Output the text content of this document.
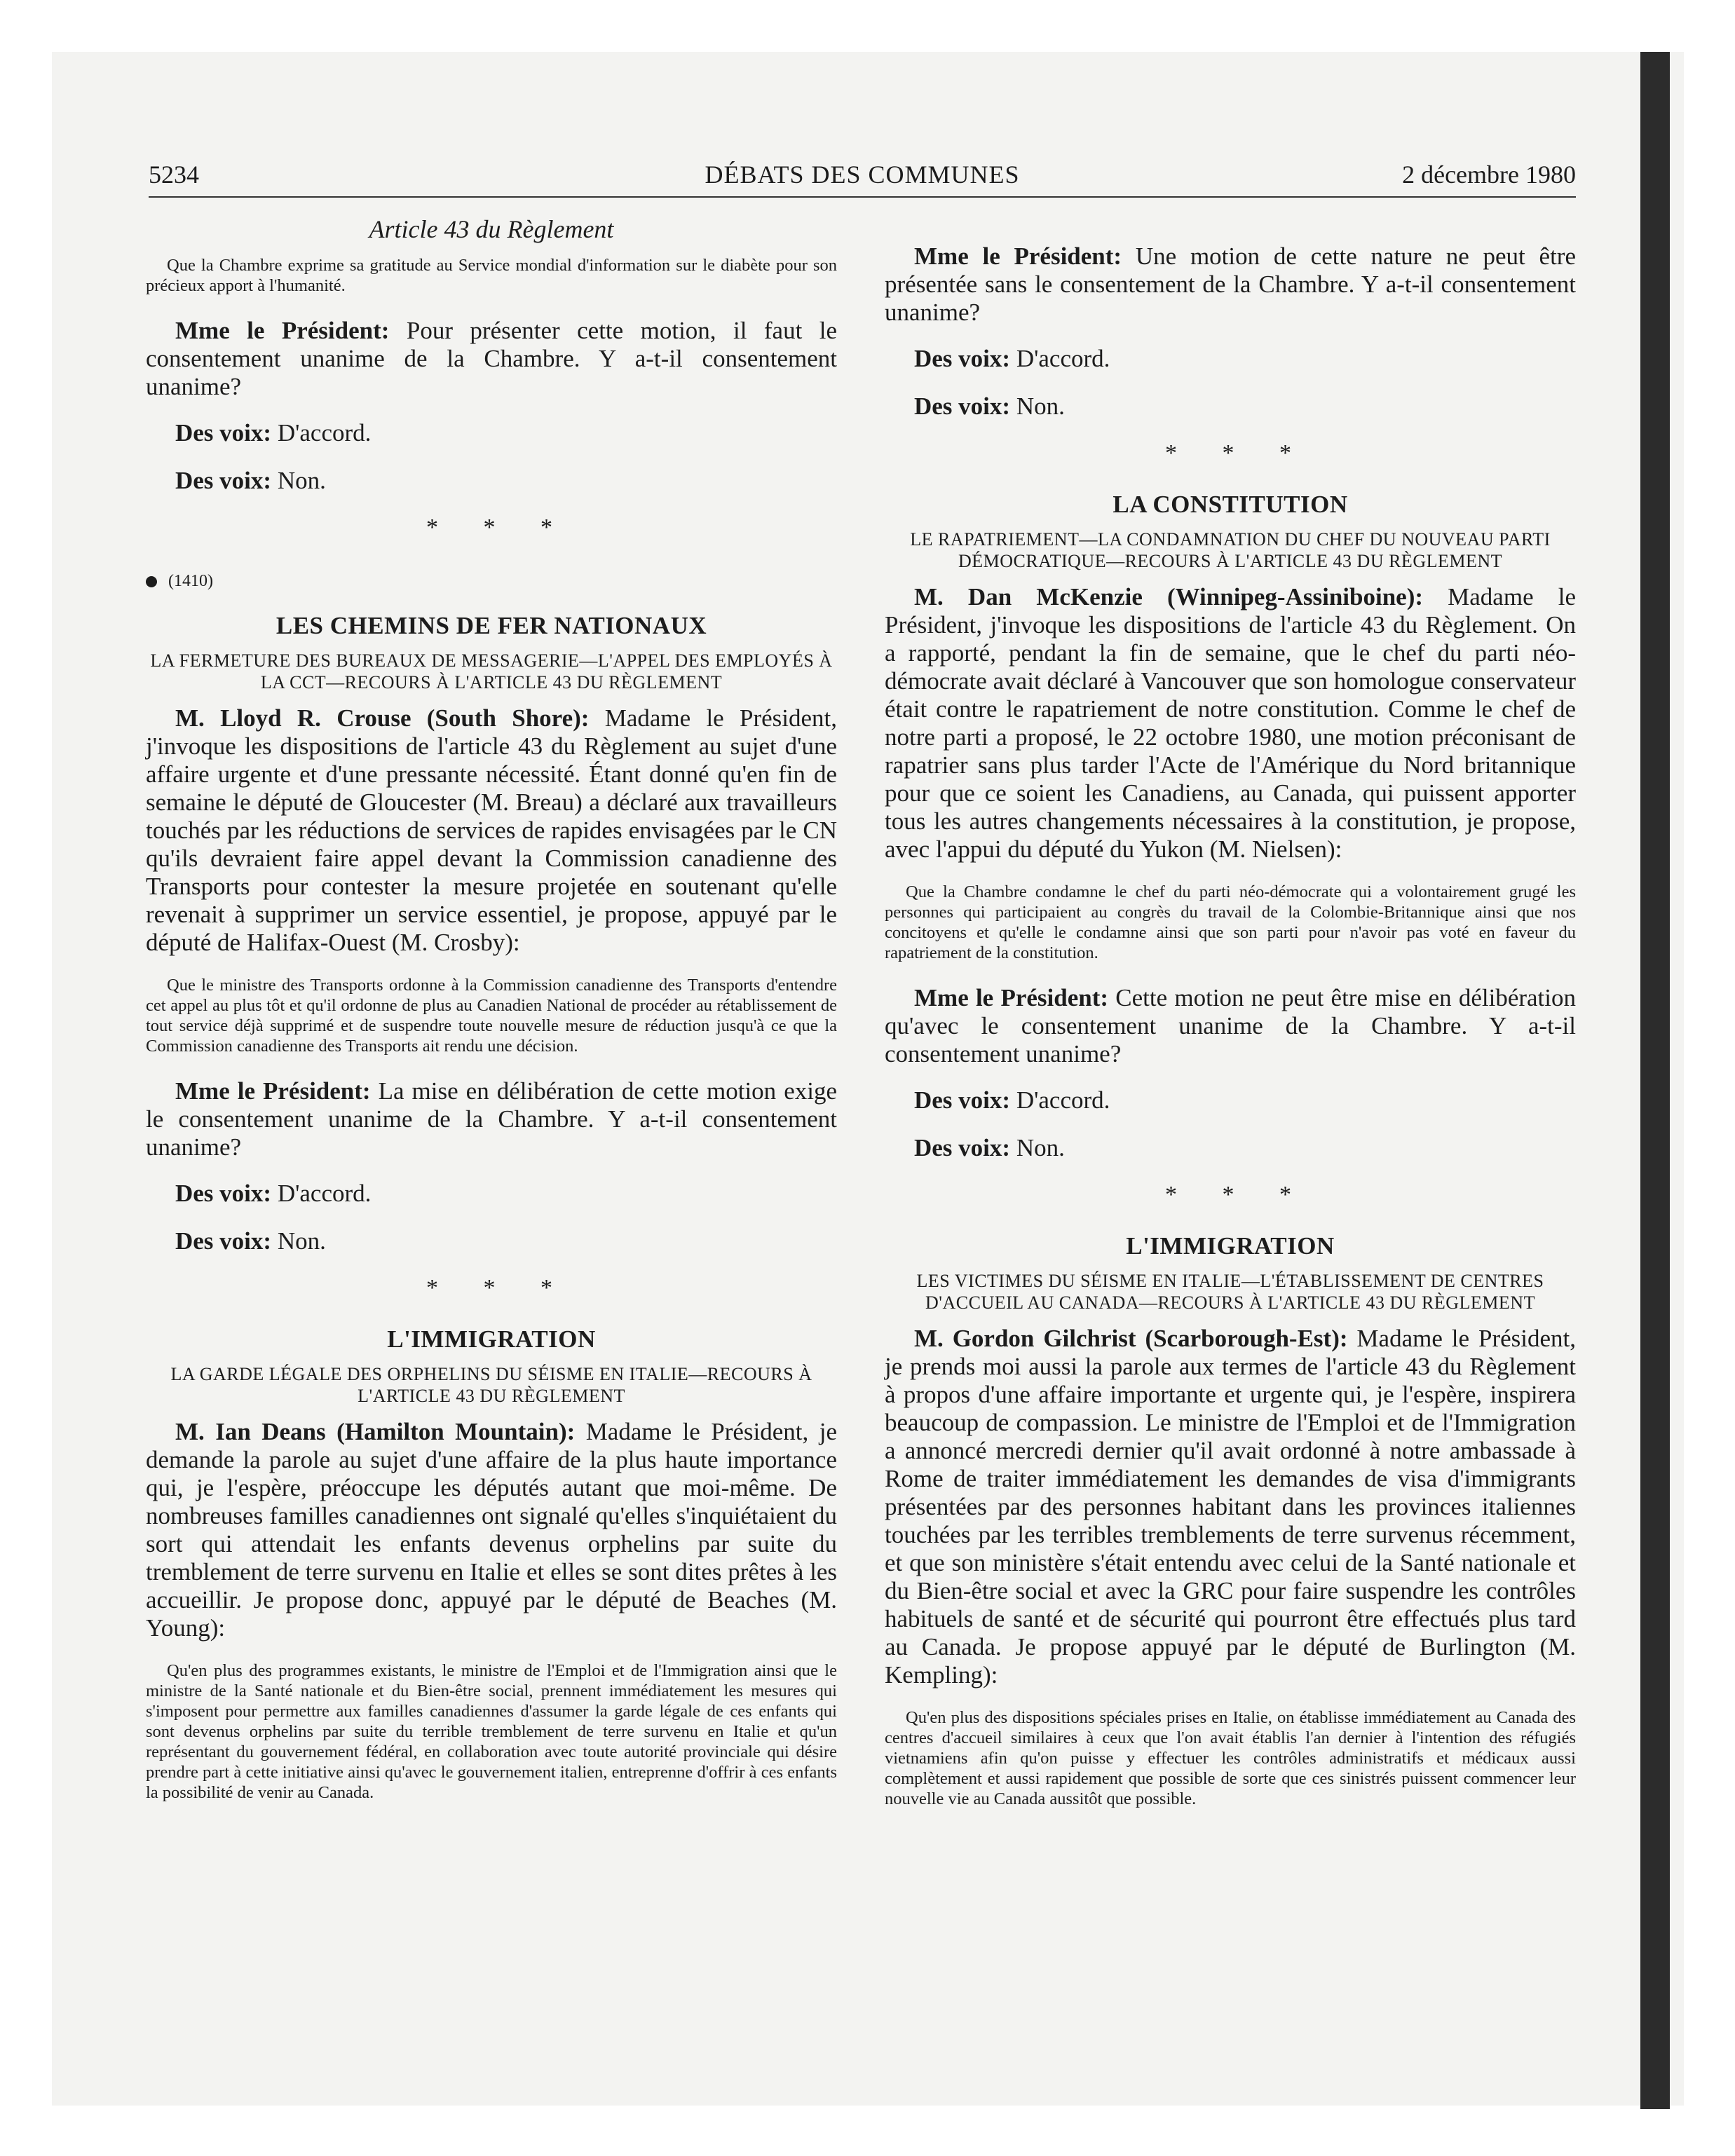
5234	DÉBATS DES COMMUNES	2 décembre 1980

Article 43 du Règlement

Que la Chambre exprime sa gratitude au Service mondial d'information sur le diabète pour son précieux apport à l'humanité.

Mme le Président: Pour présenter cette motion, il faut le consentement unanime de la Chambre. Y a-t-il consentement unanime?

Des voix: D'accord.

Des voix: Non.

* * *

(1410)

LES CHEMINS DE FER NATIONAUX

LA FERMETURE DES BUREAUX DE MESSAGERIE—L'APPEL DES EMPLOYÉS À LA CCT—RECOURS À L'ARTICLE 43 DU RÈGLEMENT

M. Lloyd R. Crouse (South Shore): Madame le Président, j'invoque les dispositions de l'article 43 du Règlement au sujet d'une affaire urgente et d'une pressante nécessité. Étant donné qu'en fin de semaine le député de Gloucester (M. Breau) a déclaré aux travailleurs touchés par les réductions de services de rapides envisagées par le CN qu'ils devraient faire appel devant la Commission canadienne des Transports pour contester la mesure projetée en soutenant qu'elle revenait à supprimer un service essentiel, je propose, appuyé par le député de Halifax-Ouest (M. Crosby):

Que le ministre des Transports ordonne à la Commission canadienne des Transports d'entendre cet appel au plus tôt et qu'il ordonne de plus au Canadien National de procéder au rétablissement de tout service déjà supprimé et de suspendre toute nouvelle mesure de réduction jusqu'à ce que la Commission canadienne des Transports ait rendu une décision.

Mme le Président: La mise en délibération de cette motion exige le consentement unanime de la Chambre. Y a-t-il consentement unanime?

Des voix: D'accord.

Des voix: Non.

* * *

L'IMMIGRATION

LA GARDE LÉGALE DES ORPHELINS DU SÉISME EN ITALIE—RECOURS À L'ARTICLE 43 DU RÈGLEMENT

M. Ian Deans (Hamilton Mountain): Madame le Président, je demande la parole au sujet d'une affaire de la plus haute importance qui, je l'espère, préoccupe les députés autant que moi-même. De nombreuses familles canadiennes ont signalé qu'elles s'inquiétaient du sort qui attendait les enfants devenus orphelins par suite du tremblement de terre survenu en Italie et elles se sont dites prêtes à les accueillir. Je propose donc, appuyé par le député de Beaches (M. Young):

Qu'en plus des programmes existants, le ministre de l'Emploi et de l'Immigration ainsi que le ministre de la Santé nationale et du Bien-être social, prennent immédiatement les mesures qui s'imposent pour permettre aux familles canadiennes d'assumer la garde légale de ces enfants qui sont devenus orphelins par suite du terrible tremblement de terre survenu en Italie et qu'un représentant du gouvernement fédéral, en collaboration avec toute autorité provinciale qui désire prendre part à cette initiative ainsi qu'avec le gouvernement italien, entreprenne d'offrir à ces enfants la possibilité de venir au Canada.

Mme le Président: Une motion de cette nature ne peut être présentée sans le consentement de la Chambre. Y a-t-il consentement unanime?

Des voix: D'accord.

Des voix: Non.

* * *

LA CONSTITUTION

LE RAPATRIEMENT—LA CONDAMNATION DU CHEF DU NOUVEAU PARTI DÉMOCRATIQUE—RECOURS À L'ARTICLE 43 DU RÈGLEMENT

M. Dan McKenzie (Winnipeg-Assiniboine): Madame le Président, j'invoque les dispositions de l'article 43 du Règlement. On a rapporté, pendant la fin de semaine, que le chef du parti néo-démocrate avait déclaré à Vancouver que son homologue conservateur était contre le rapatriement de notre constitution. Comme le chef de notre parti a proposé, le 22 octobre 1980, une motion préconisant de rapatrier sans plus tarder l'Acte de l'Amérique du Nord britannique pour que ce soient les Canadiens, au Canada, qui puissent apporter tous les autres changements nécessaires à la constitution, je propose, avec l'appui du député du Yukon (M. Nielsen):

Que la Chambre condamne le chef du parti néo-démocrate qui a volontairement grugé les personnes qui participaient au congrès du travail de la Colombie-Britannique ainsi que nos concitoyens et qu'elle le condamne ainsi que son parti pour n'avoir pas voté en faveur du rapatriement de la constitution.

Mme le Président: Cette motion ne peut être mise en délibération qu'avec le consentement unanime de la Chambre. Y a-t-il consentement unanime?

Des voix: D'accord.

Des voix: Non.

* * *

L'IMMIGRATION

LES VICTIMES DU SÉISME EN ITALIE—L'ÉTABLISSEMENT DE CENTRES D'ACCUEIL AU CANADA—RECOURS À L'ARTICLE 43 DU RÈGLEMENT

M. Gordon Gilchrist (Scarborough-Est): Madame le Président, je prends moi aussi la parole aux termes de l'article 43 du Règlement à propos d'une affaire importante et urgente qui, je l'espère, inspirera beaucoup de compassion. Le ministre de l'Emploi et de l'Immigration a annoncé mercredi dernier qu'il avait ordonné à notre ambassade à Rome de traiter immédiatement les demandes de visa d'immigrants présentées par des personnes habitant dans les provinces italiennes touchées par les terribles tremblements de terre survenus récemment, et que son ministère s'était entendu avec celui de la Santé nationale et du Bien-être social et avec la GRC pour faire suspendre les contrôles habituels de santé et de sécurité qui pourront être effectués plus tard au Canada. Je propose appuyé par le député de Burlington (M. Kempling):

Qu'en plus des dispositions spéciales prises en Italie, on établisse immédiatement au Canada des centres d'accueil similaires à ceux que l'on avait établis l'an dernier à l'intention des réfugiés vietnamiens afin qu'on puisse y effectuer les contrôles administratifs et médicaux aussi complètement et aussi rapidement que possible de sorte que ces sinistrés puissent commencer leur nouvelle vie au Canada aussitôt que possible.
